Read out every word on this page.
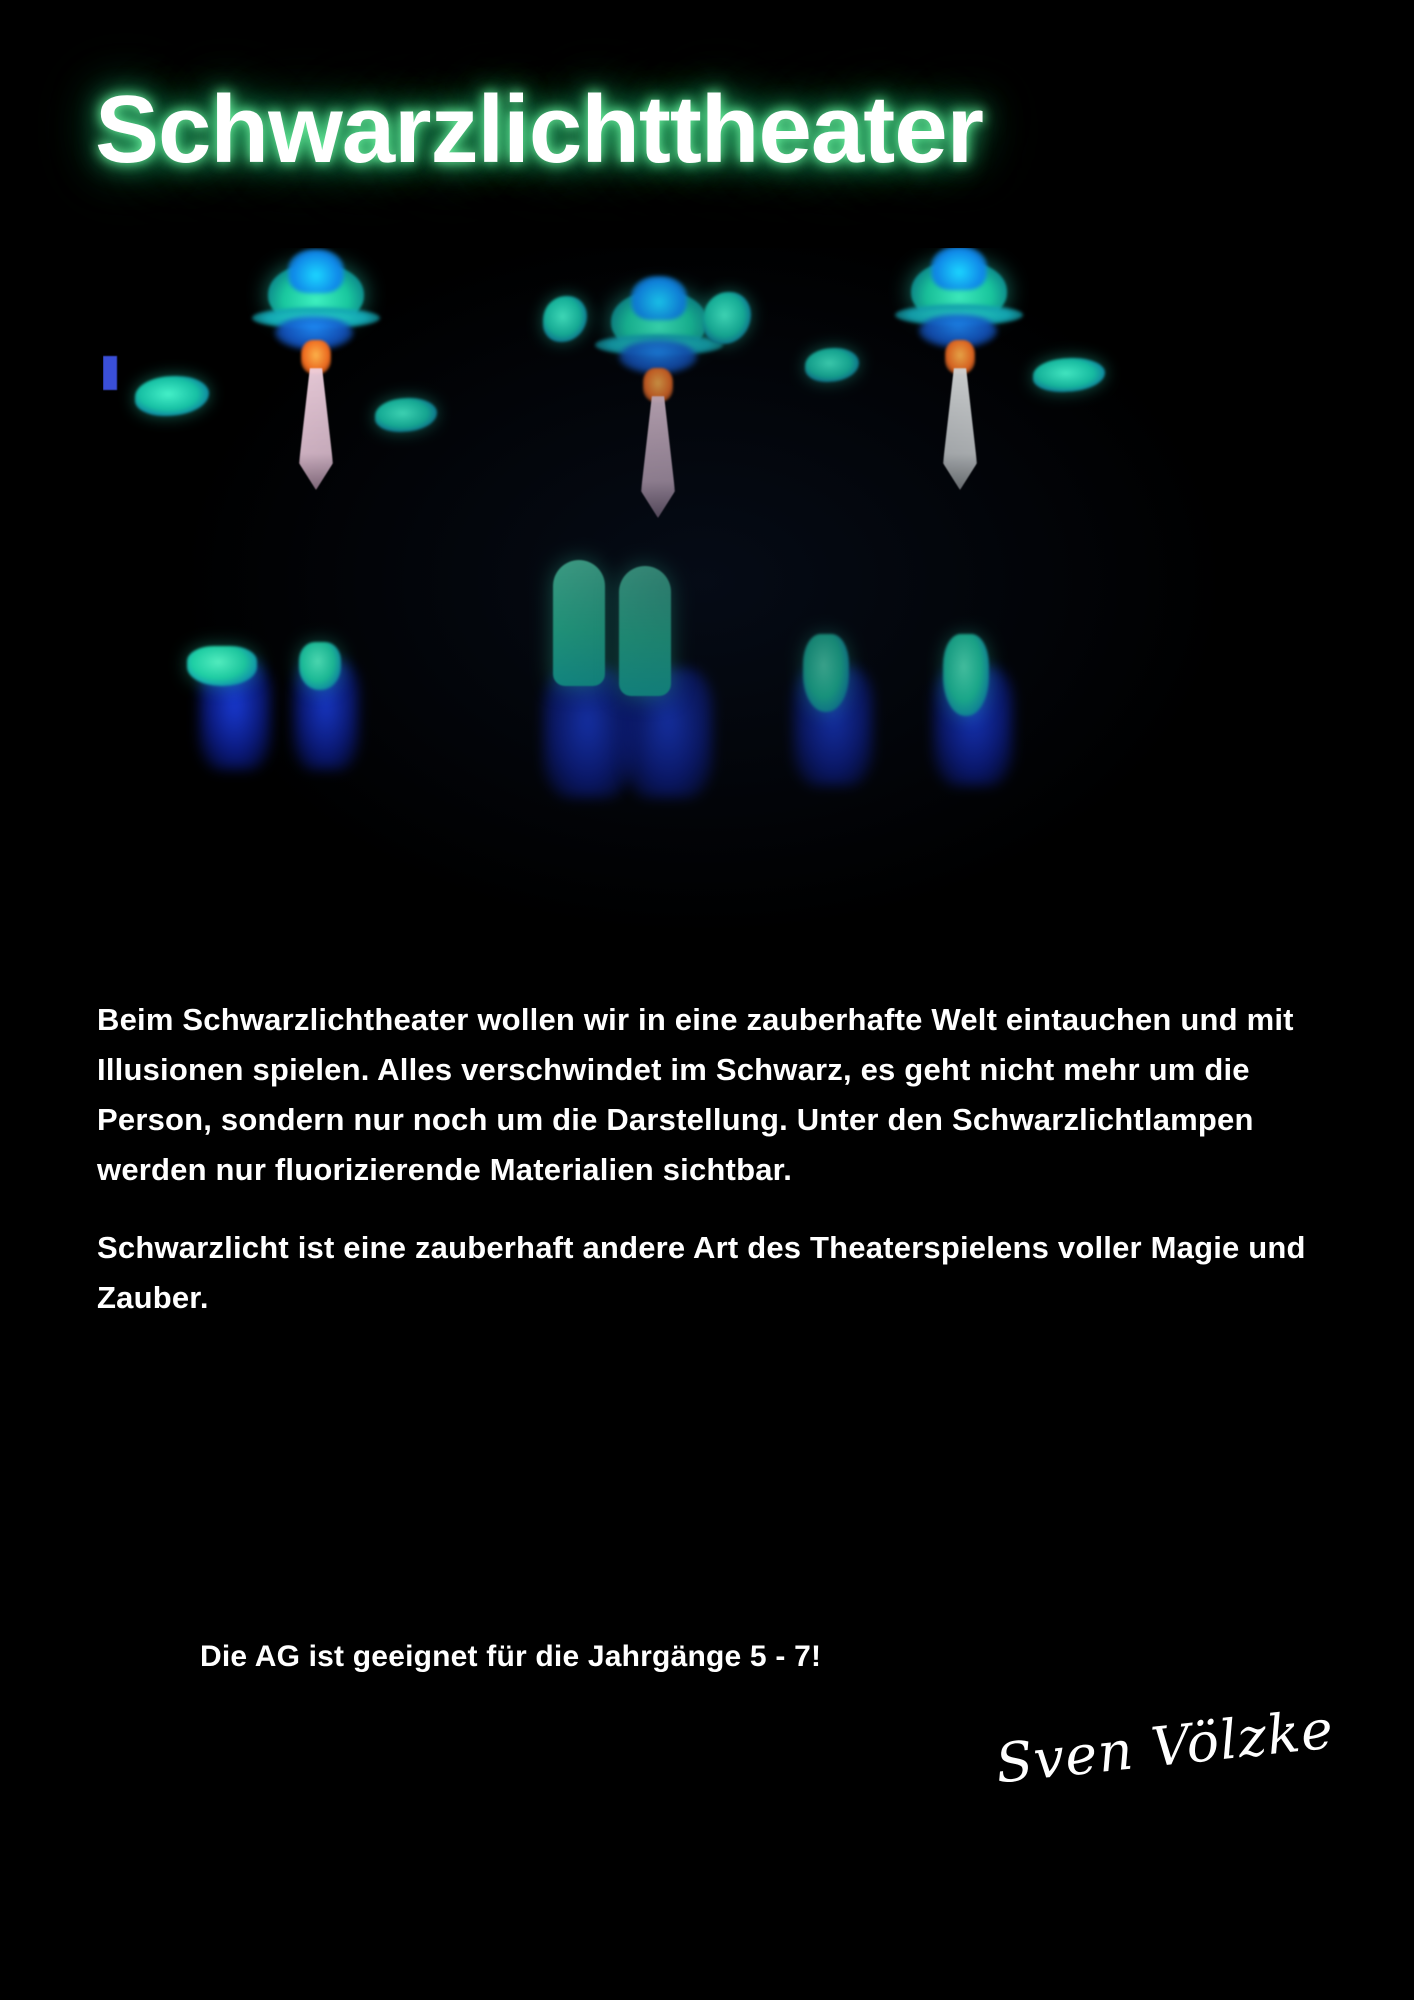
Schwarzlichttheater

Beim Schwarzlichtheater wollen wir in eine zauberhafte Welt eintauchen und mit Illusionen spielen. Alles verschwindet im Schwarz, es geht nicht mehr um die Person, sondern nur noch um die Darstellung. Unter den Schwarzlichtlampen werden nur fluorizierende Materialien sichtbar.

Schwarzlicht ist eine zauberhaft andere Art des Theaterspielens voller Magie und Zauber.

Die AG ist geeignet für die Jahrgänge 5 - 7!
Sven Völzke
